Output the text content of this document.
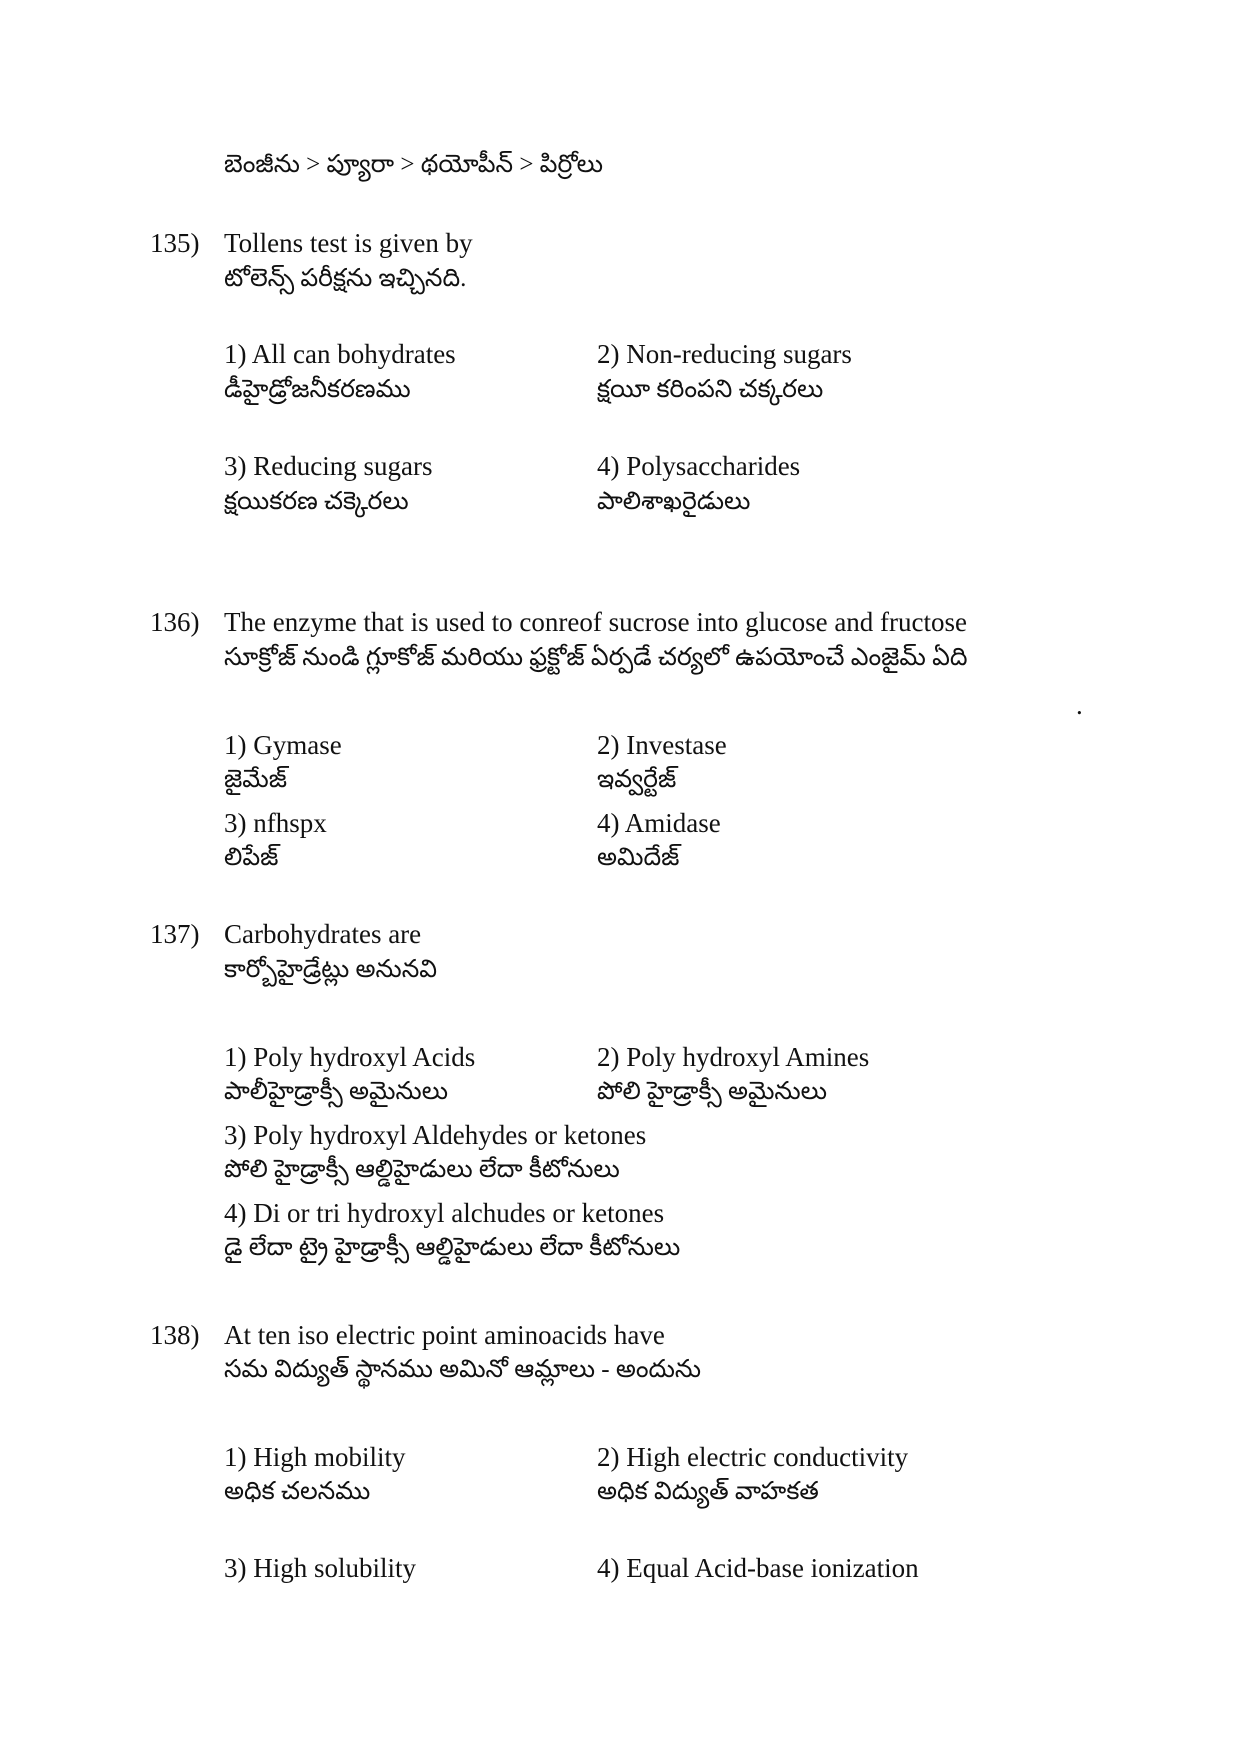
బెంజీను > ప్యూరా > థయోపీన్ > పిర్రోలు
135) Tollens test is given by
టోలెన్స్ పరీక్షను ఇచ్చినది.
1) All can bohydrates
డీహైడ్రోజనీకరణము
2) Non-reducing sugars
క్షయీ కరింపని చక్కరలు
3) Reducing sugars
క్షయికరణ చక్కెరలు
4) Polysaccharides
పాలిశాఖరైడులు
136) The enzyme that is used to conreof sucrose into glucose and fructose
సూక్రోజ్ నుండి గ్లూకోజ్ మరియు ఫ్రక్టోజ్ ఏర్పడే చర్యలో ఉపయోంచే ఎంజైమ్ ఏది
.
1) Gymase
జైమేజ్
2) Investase
ఇవ్వర్టేజ్
3) nfhspx
లిపేజ్
4) Amidase
అమిదేజ్
137) Carbohydrates are
కార్బోహైడ్రేట్లు అనునవి
1) Poly hydroxyl Acids
పాలీహైడ్రాక్సీ అమైనులు
2) Poly hydroxyl Amines
పోలి హైడ్రాక్సీ అమైనులు
3) Poly hydroxyl Aldehydes or ketones
పోలి హైడ్రాక్సీ ఆల్డిహైడులు లేదా కీటోనులు
4) Di or tri hydroxyl alchudes or ketones
డై లేదా ట్రై హైడ్రాక్సీ ఆల్డిహైడులు లేదా కీటోనులు
138) At ten iso electric point aminoacids have
సమ విద్యుత్ స్థానము అమినో ఆమ్లాలు - అందును
1) High mobility
అధిక చలనము
2) High electric conductivity
అధిక విద్యుత్ వాహకత
3) High solubility	4) Equal Acid-base ionization
